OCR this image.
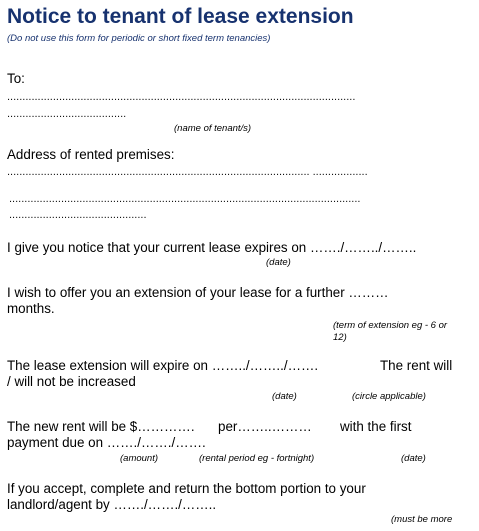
Notice to tenant of lease extension
(Do not use this form for periodic or short fixed term tenancies)
To:
..................................................................................................................
.......................................
(name of tenant/s)
Address of rented premises:
................................................................................................... ..................
...................................................................................................................
.............................................
I give you notice that your current lease expires on ……./……../……..
(date)
I wish to offer you an extension of your lease for a further ………
months.
(term of extension eg - 6 or
12)
The lease extension will expire on ……../……../…….	The rent will
/ will not be increased
(date)	(circle applicable)
The new rent will be $…………. per……..……… with the first
payment due on ……./……./…….
(amount)	(rental period eg - fortnight)	(date)
If you accept, complete and return the bottom portion to your
landlord/agent by ……./……./……..
(must be more
